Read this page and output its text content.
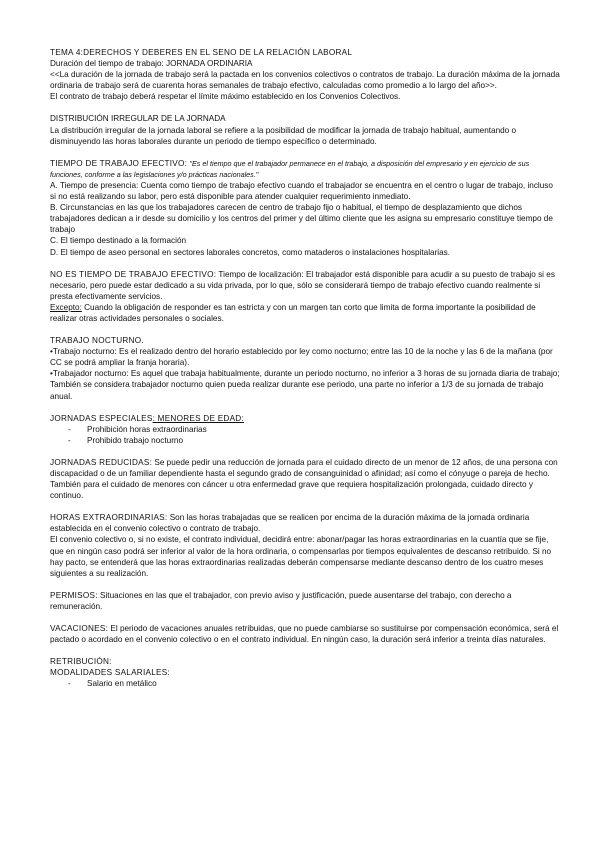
TEMA 4:DERECHOS Y DEBERES EN EL SENO DE LA RELACIÓN LABORAL

Duración del tiempo de trabajo: JORNADA ORDINARIA

<<La duración de la jornada de trabajo será la pactada en los convenios colectivos o contratos de trabajo. La duración máxima de la jornada ordinaria de trabajo será de cuarenta horas semanales de trabajo efectivo, calculadas como promedio a lo largo del año>>.

El contrato de trabajo deberá respetar el límite máximo establecido en los Convenios Colectivos.

DISTRIBUCIÓN IRREGULAR DE LA JORNADA

La distribución irregular de la jornada laboral se refiere a la posibilidad de modificar la jornada de trabajo habitual, aumentando o disminuyendo las horas laborales durante un periodo de tiempo específico o determinado.

TIEMPO DE TRABAJO EFECTIVO: "Es el tiempo que el trabajador permanece en el trabajo, a disposición del empresario y en ejercicio de sus funciones, conforme a las legislaciones y/o prácticas nacionales."

A. Tiempo de presencia: Cuenta como tiempo de trabajo efectivo cuando el trabajador se encuentra en el centro o lugar de trabajo, incluso si no está realizando su labor, pero está disponible para atender cualquier requerimiento inmediato.

B. Circunstancias en las que los trabajadores carecen de centro de trabajo fijo o habitual, el tiempo de desplazamiento que dichos trabajadores dedican a ir desde su domicilio y los centros del primer y del último cliente que les asigna su empresario constituye tiempo de trabajo

C. El tiempo destinado a la formación

D. El tiempo de aseo personal en sectores laborales concretos, como mataderos o instalaciones hospitalarias.

NO ES TIEMPO DE TRABAJO EFECTIVO: Tiempo de localización: El trabajador está disponible para acudir a su puesto de trabajo si es necesario, pero puede estar dedicado a su vida privada, por lo que, sólo se considerará tiempo de trabajo efectivo cuando realmente si presta efectivamente servicios.

Excepto: Cuando la obligación de responder es tan estricta y con un margen tan corto que limita de forma importante la posibilidad de realizar otras actividades personales o sociales.

TRABAJO NOCTURNO.

•Trabajo nocturno: Es el realizado dentro del horario establecido por ley como nocturno; entre las 10 de la noche y las 6 de la mañana (por CC se podrá ampliar la franja horaria).

•Trabajador nocturno: Es aquel que trabaja habitualmente, durante un periodo nocturno, no inferior a 3 horas de su jornada diaria de trabajo;

También se considera trabajador nocturno quien pueda realizar durante ese periodo, una parte no inferior a 1/3 de su jornada de trabajo anual.

JORNADAS ESPECIALES: MENORES DE EDAD:

- Prohibición horas extraordinarias

- Prohibido trabajo nocturno

JORNADAS REDUCIDAS: Se puede pedir una reducción de jornada para el cuidado directo de un menor de 12 años, de una persona con discapacidad o de un familiar dependiente hasta el segundo grado de consanguinidad o afinidad; así como el cónyuge o pareja de hecho.

También para el cuidado de menores con cáncer u otra enfermedad grave que requiera hospitalización prolongada, cuidado directo y continuo.

HORAS EXTRAORDINARIAS: Son las horas trabajadas que se realicen por encima de la duración máxima de la jornada ordinaria establecida en el convenio colectivo o contrato de trabajo.

El convenio colectivo o, si no existe, el contrato individual, decidirá entre: abonar/pagar las horas extraordinarias en la cuantía que se fije, que en ningún caso podrá ser inferior al valor de la hora ordinaria, o compensarlas por tiempos equivalentes de descanso retribuido. Si no hay pacto, se entenderá que las horas extraordinarias realizadas deberán compensarse mediante descanso dentro de los cuatro meses siguientes a su realización.

PERMISOS: Situaciones en las que el trabajador, con previo aviso y justificación, puede ausentarse del trabajo, con derecho a remuneración.

VACACIONES: El periodo de vacaciones anuales retribuidas, que no puede cambiarse so sustituirse por compensación económica, será el pactado o acordado en el convenio colectivo o en el contrato individual. En ningún caso, la duración será inferior a treinta días naturales.

RETRIBUCIÓN:

MODALIDADES SALARIALES:

- Salario en metálico
